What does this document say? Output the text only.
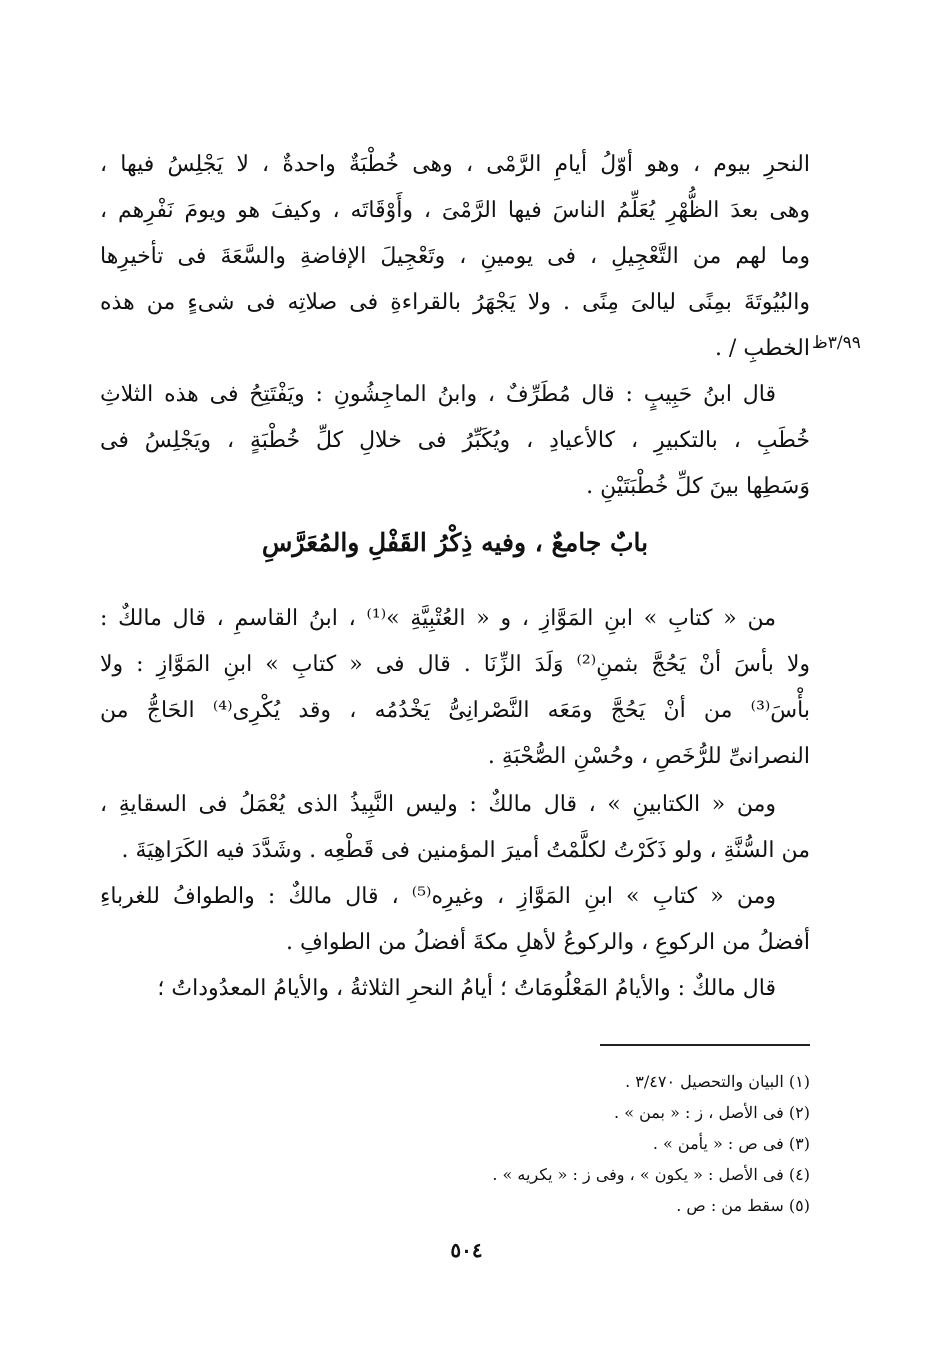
النحرِ بيوم ، وهو أوّلُ أيامِ الرَّمْى ، وهى خُطْبَةٌ واحدةٌ ، لا يَجْلِسُ فيها ،
وهى بعدَ الظُّهْرِ يُعَلِّمُ الناسَ فيها الرَّمْىَ ، وأَوْقَاتَه ، وكيفَ هو ويومَ نَفْرِهم ،
وما لهم من التَّعْجِيلِ ، فى يومينِ ، وتَعْجِيلَ الإفاضةِ والسَّعَةَ فى تأخيرِها
والبُيُوتَةَ بمِنًى ليالىَ مِنًى . ولا يَجْهَرُ بالقراءةِ فى صلاتِه فى شىءٍ من هذه
الخطبِ / . ٣/٩٩ظ
قال ابنُ حَبِيبٍ : قال مُطَرِّفٌ ، وابنُ الماجِشُونِ : ويَفْتَتِحُ فى هذه الثلاثِ
خُطَبِ ، بالتكبيرِ ، كالأعيادِ ، ويُكَبِّرُ فى خلالِ كلِّ خُطْبَةٍ ، ويَجْلِسُ فى
وَسَطِها بينَ كلِّ خُطْبَتَيْنِ .
بابٌ جامعٌ ، وفيه ذِكْرُ القَفْلِ والمُعَرَّسِ
من « كتابِ » ابنِ المَوَّازِ ، و « العُتْبِيَّةِ »⁽¹⁾ ، ابنُ القاسمِ ، قال مالكٌ :
ولا بأسَ أنْ يَحُجَّ بثمنِ⁽²⁾ وَلَدَ الزِّنَا . قال فى « كتابِ » ابنِ المَوَّازِ : ولا
بأْسَ⁽³⁾ من أنْ يَحُجَّ ومَعَه النَّصْرانِىُّ يَخْدُمُه ، وقد يُكْرِى⁽⁴⁾ الحَاجُّ من
النصرانىِّ للرُّخَصِ ، وحُسْنِ الصُّحْبَةِ .
ومن « الكتابينِ » ، قال مالكٌ : وليس النَّبِيذُ الذى يُعْمَلُ فى السقايةِ ،
من السُّنَّةِ ، ولو ذَكَرْتُ لكلَّمْتُ أميرَ المؤمنين فى قَطْعِه . وشَدَّدَ فيه الكَرَاهِيَةَ .
ومن « كتابِ » ابنِ المَوَّازِ ، وغيرِه⁽⁵⁾ ، قال مالكٌ : والطوافُ للغرباءِ
أفضلُ من الركوعِ ، والركوعُ لأهلِ مكةَ أفضلُ من الطوافِ .
قال مالكٌ : والأيامُ المَعْلُومَاتُ ؛ أيامُ النحرِ الثلاثةُ ، والأيامُ المعدُوداتُ ؛
(١) البيان والتحصيل ٣/٤٧٠ .
(٢) فى الأصل ، ز : « بمن » .
(٣) فى ص : « يأمن » .
(٤) فى الأصل : « يكون » ، وفى ز : « يكريه » .
(٥) سقط من : ص .
٥٠٤
